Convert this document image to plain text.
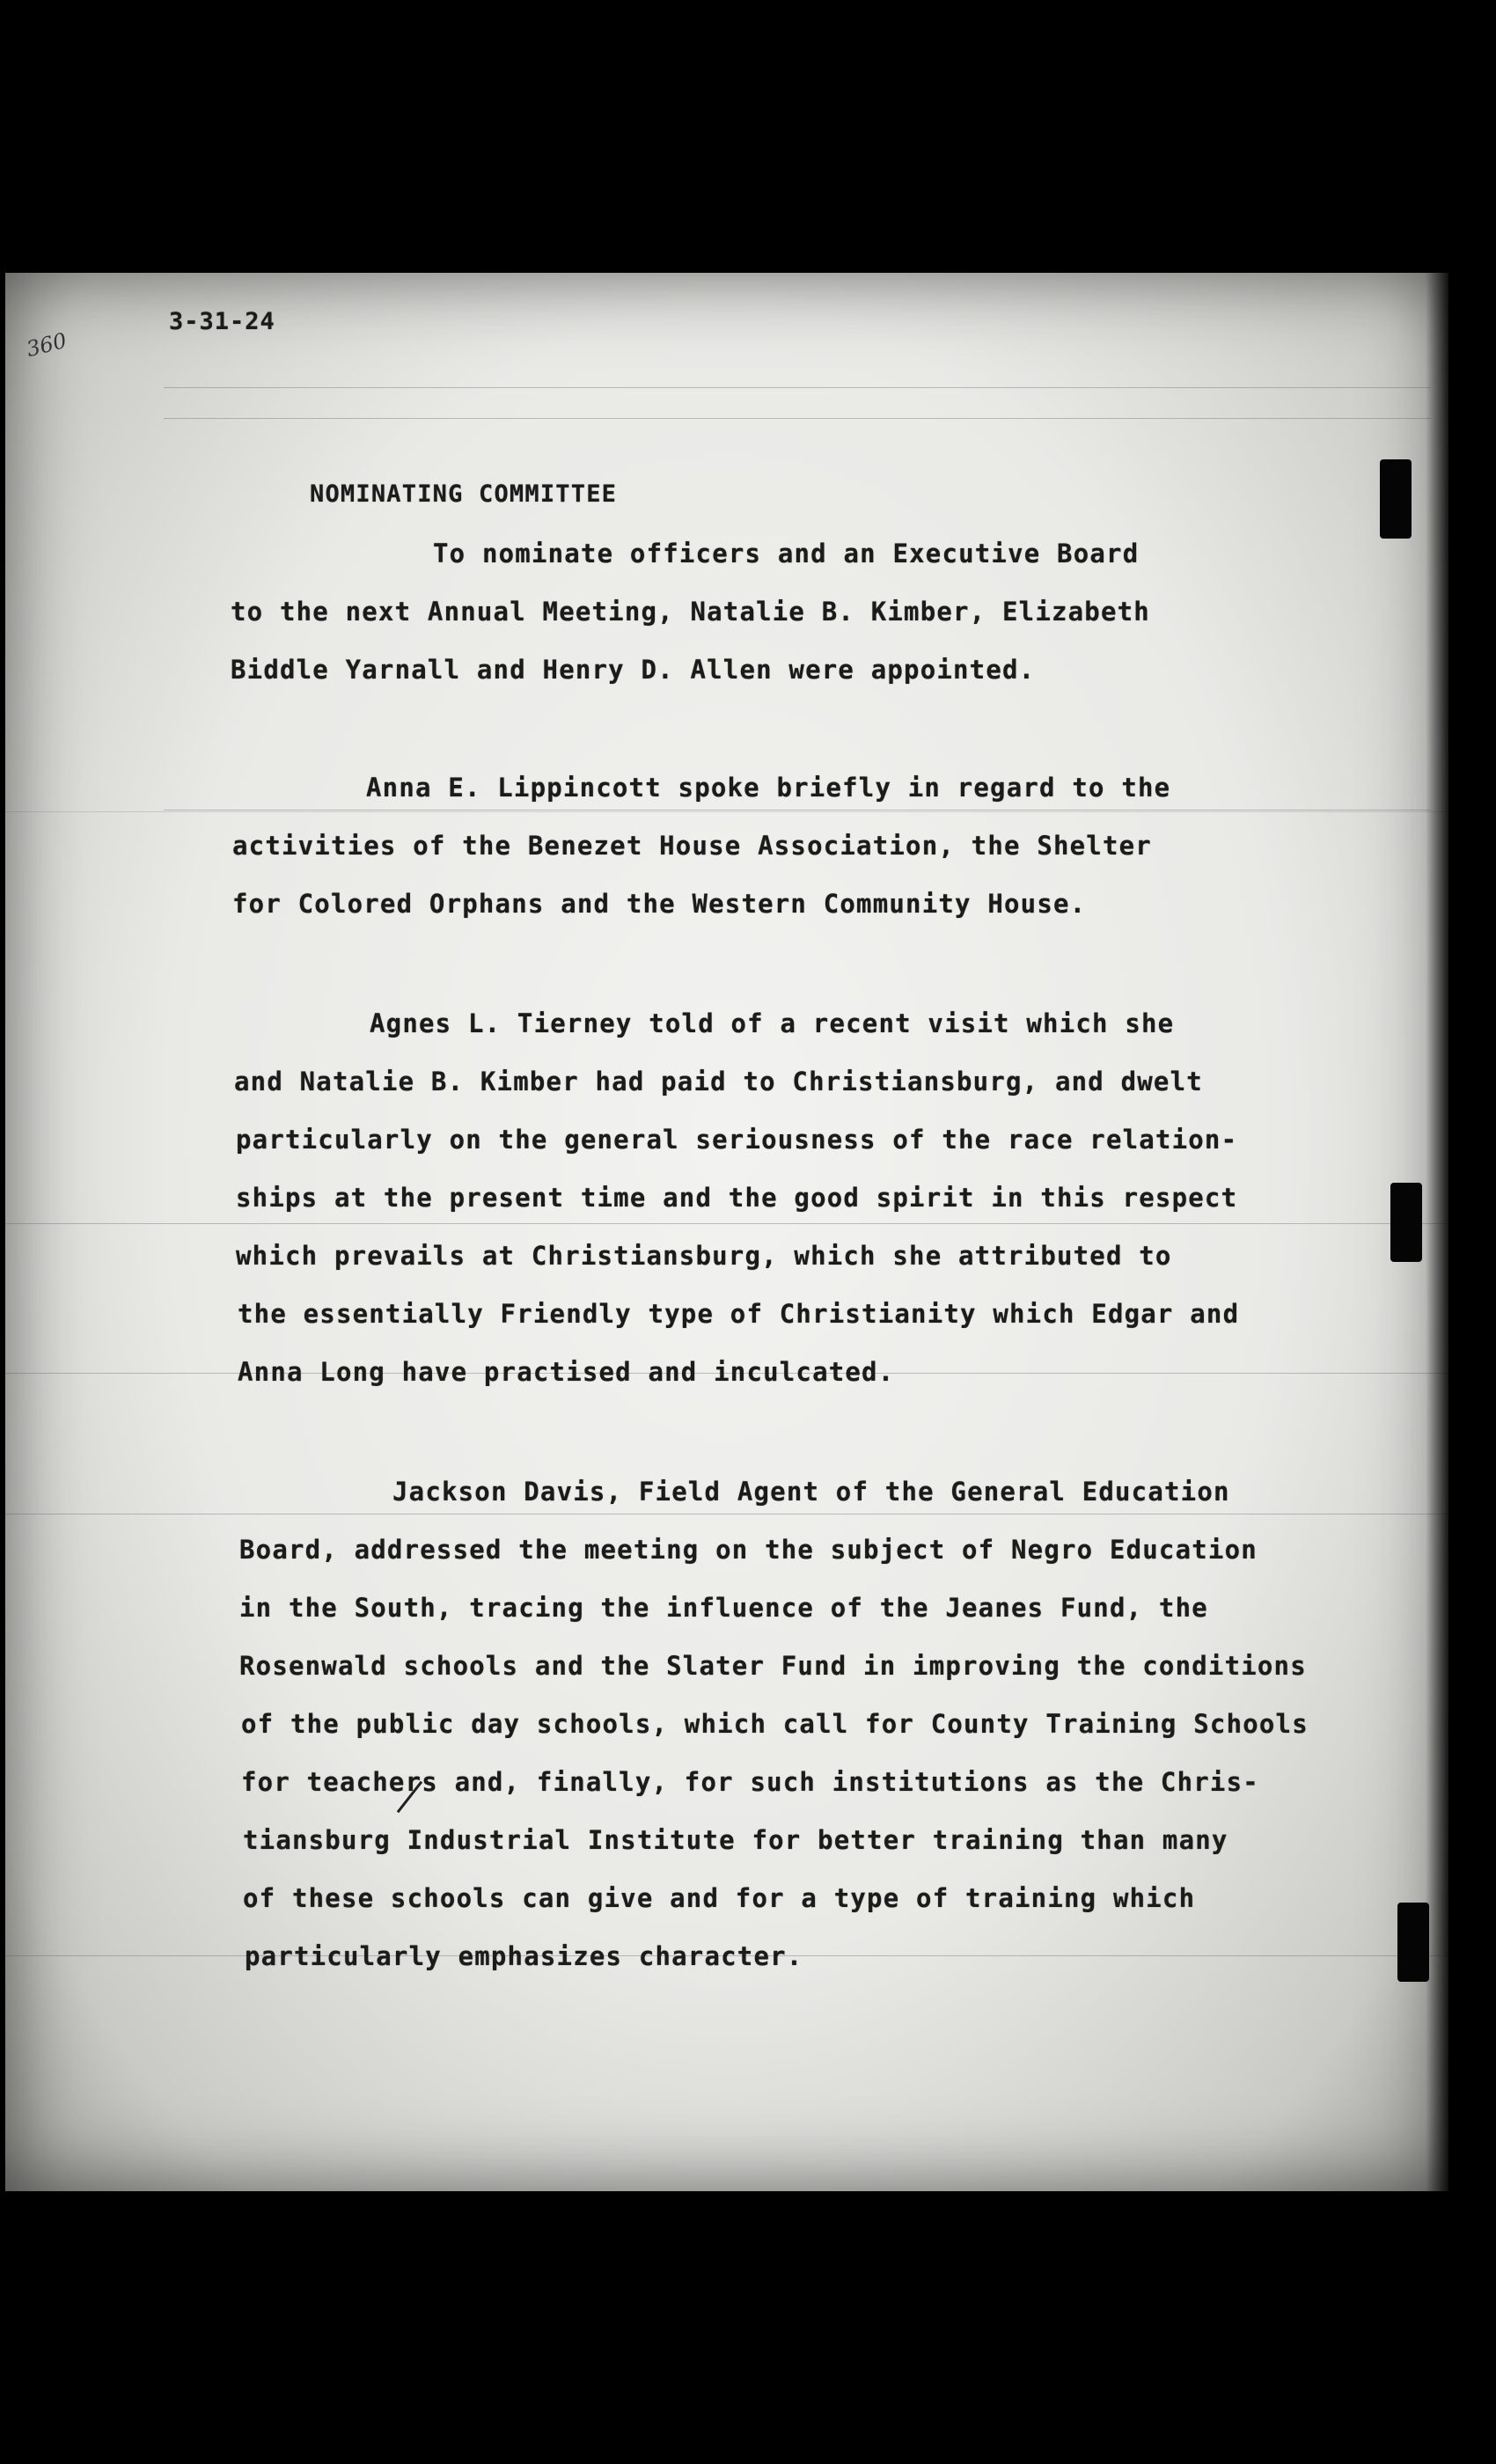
360
3-31-24
NOMINATING COMMITTEE
To nominate officers and an Executive Board
to the next Annual Meeting, Natalie B. Kimber, Elizabeth
Biddle Yarnall and Henry D. Allen were appointed.
Anna E. Lippincott spoke briefly in regard to the
activities of the Benezet House Association, the Shelter
for Colored Orphans and the Western Community House.
Agnes L. Tierney told of a recent visit which she
and Natalie B. Kimber had paid to Christiansburg, and dwelt
particularly on the general seriousness of the race relation-
ships at the present time and the good spirit in this respect
which prevails at Christiansburg, which she attributed to
the essentially Friendly type of Christianity which Edgar and
Anna Long have practised and inculcated.
Jackson Davis, Field Agent of the General Education
Board, addressed the meeting on the subject of Negro Education
in the South, tracing the influence of the Jeanes Fund, the
Rosenwald schools and the Slater Fund in improving the conditions
of the public day schools, which call for County Training Schools
for teachers and, finally, for such institutions as the Chris-
tiansburg Industrial Institute for better training than many
of these schools can give and for a type of training which
particularly emphasizes character.
